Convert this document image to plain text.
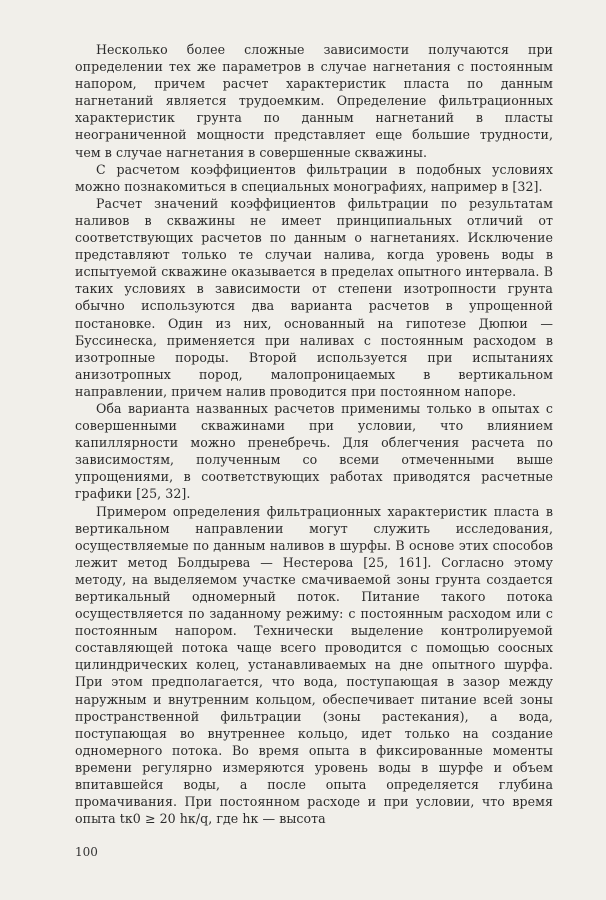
Несколько более сложные зависимости получаются при определении тех же параметров в случае нагнетания с постоянным напором, причем расчет характеристик пласта по данным нагнетаний является трудоемким. Определение фильтрационных характеристик грунта по данным нагнетаний в пласты неограниченной мощности представляет еще большие трудности, чем в случае нагнетания в совершенные скважины.

С расчетом коэффициентов фильтрации в подобных условиях можно познакомиться в специальных монографиях, например в [32].

Расчет значений коэффициентов фильтрации по результатам наливов в скважины не имеет принципиальных отличий от соответствующих расчетов по данным о нагнетаниях. Исключение представляют только те случаи налива, когда уровень воды в испытуемой скважине оказывается в пределах опытного интервала. В таких условиях в зависимости от степени изотропности грунта обычно используются два варианта расчетов в упрощенной постановке. Один из них, основанный на гипотезе Дюпюи — Буссинеска, применяется при наливах с постоянным расходом в изотропные породы. Второй используется при испытаниях анизотропных пород, малопроницаемых в вертикальном направлении, причем налив проводится при постоянном напоре.

Оба варианта названных расчетов применимы только в опытах с совершенными скважинами при условии, что влиянием капиллярности можно пренебречь. Для облегчения расчета по зависимостям, полученным со всеми отмеченными выше упрощениями, в соответствующих работах приводятся расчетные графики [25, 32].

Примером определения фильтрационных характеристик пласта в вертикальном направлении могут служить исследования, осуществляемые по данным наливов в шурфы. В основе этих способов лежит метод Болдырева — Нестерова [25, 161]. Согласно этому методу, на выделяемом участке смачиваемой зоны грунта создается вертикальный одномерный поток. Питание такого потока осуществляется по заданному режиму: с постоянным расходом или с постоянным напором. Технически выделение контролируемой составляющей потока чаще всего проводится с помощью соосных цилиндрических колец, устанавливаемых на дне опытного шурфа. При этом предполагается, что вода, поступающая в зазор между наружным и внутренним кольцом, обеспечивает питание всей зоны пространственной фильтрации (зоны растекания), а вода, поступающая во внутреннее кольцо, идет только на создание одномерного потока. Во время опыта в фиксированные моменты времени регулярно измеряются уровень воды в шурфе и объем впитавшейся воды, а после опыта определяется глубина промачивания. При постоянном расходе и при условии, что время опыта tк0 ≥ 20 hк/q, где hк — высота

100
